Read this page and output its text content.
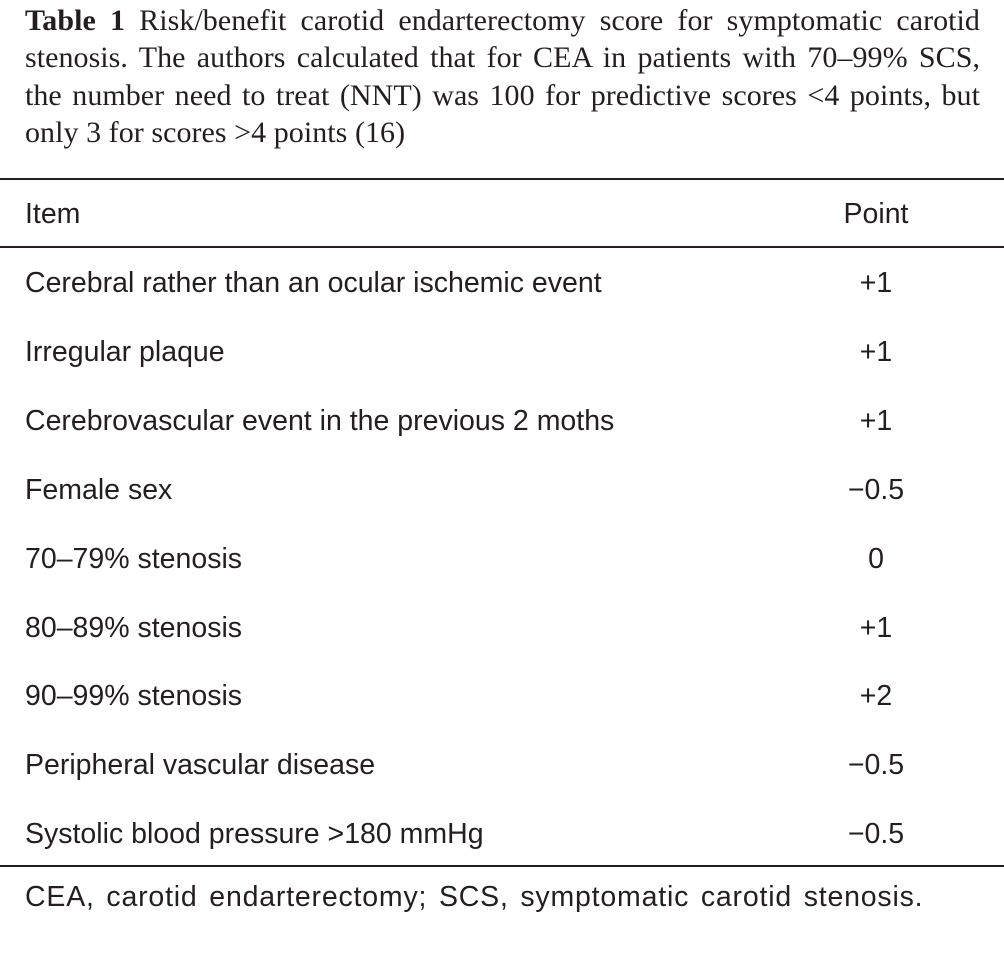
Table 1 Risk/benefit carotid endarterectomy score for symptomatic carotid stenosis. The authors calculated that for CEA in patients with 70–99% SCS, the number need to treat (NNT) was 100 for predictive scores <4 points, but only 3 for scores >4 points (16)
Item	Point
Cerebral rather than an ocular ischemic event	+1
Irregular plaque	+1
Cerebrovascular event in the previous 2 moths	+1
Female sex	−0.5
70–79% stenosis	0
80–89% stenosis	+1
90–99% stenosis	+2
Peripheral vascular disease	−0.5
Systolic blood pressure >180 mmHg	−0.5
CEA, carotid endarterectomy; SCS, symptomatic carotid stenosis.
